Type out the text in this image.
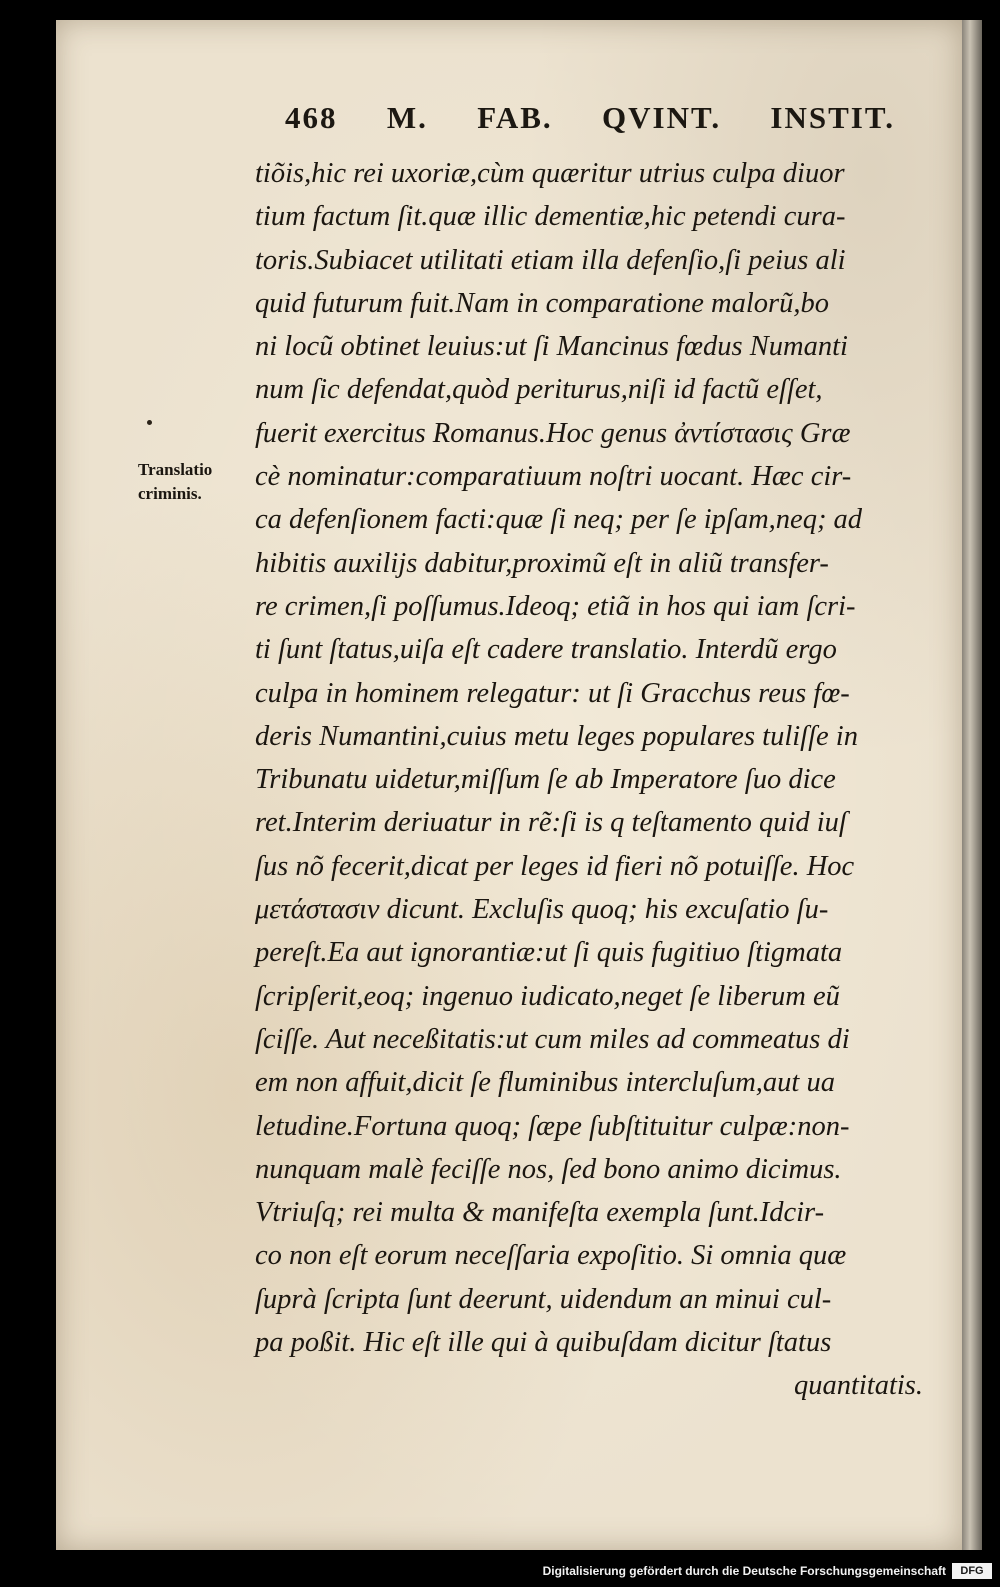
468 M. FAB. QVINT. INSTIT.
Translatio
criminis.
tiõis,hic rei uxoriæ,cùm quæritur utrius culpa diuor
tium factum ſit.quæ illic dementiæ,hic petendi cura-
toris.Subiacet utilitati etiam illa defenſio,ſi peius ali
quid futurum fuit.Nam in comparatione malorũ,bo
ni locũ obtinet leuius:ut ſi Mancinus fœdus Numanti
num ſic defendat,quòd periturus,niſi id factũ eſſet,
fuerit exercitus Romanus.Hoc genus ἀντίστασις Græ
cè nominatur:comparatiuum noſtri uocant. Hæc cir-
ca defenſionem facti:quæ ſi neq; per ſe ipſam,neq; ad
hibitis auxilijs dabitur,proximũ eſt in aliũ transfer-
re crimen,ſi poſſumus.Ideoq; etiã in hos qui iam ſcri-
ti ſunt ſtatus,uiſa eſt cadere translatio. Interdũ ergo
culpa in hominem relegatur: ut ſi Gracchus reus fœ-
deris Numantini,cuius metu leges populares tuliſſe in
Tribunatu uidetur,miſſum ſe ab Imperatore ſuo dice
ret.Interim deriuatur in rẽ:ſi is q teſtamento quid iuſ
ſus nõ fecerit,dicat per leges id fieri nõ potuiſſe. Hoc
μετάστασιν dicunt. Excluſis quoq; his excuſatio ſu-
pereſt.Ea aut ignorantiæ:ut ſi quis fugitiuo ſtigmata
ſcripſerit,eoq; ingenuo iudicato,neget ſe liberum eũ
ſciſſe. Aut neceßitatis:ut cum miles ad commeatus di
em non affuit,dicit ſe fluminibus intercluſum,aut ua
letudine.Fortuna quoq; ſæpe ſubſtituitur culpæ:non-
nunquam malè feciſſe nos, ſed bono animo dicimus.
Vtriuſq; rei multa & manifeſta exempla ſunt.Idcir-
co non eſt eorum neceſſaria expoſitio. Si omnia quæ
ſuprà ſcripta ſunt deerunt, uidendum an minui cul-
pa poßit. Hic eſt ille qui à quibuſdam dicitur ſtatus
quantitatis.
Digitalisierung gefördert durch die Deutsche Forschungsgemeinschaft	DFG
